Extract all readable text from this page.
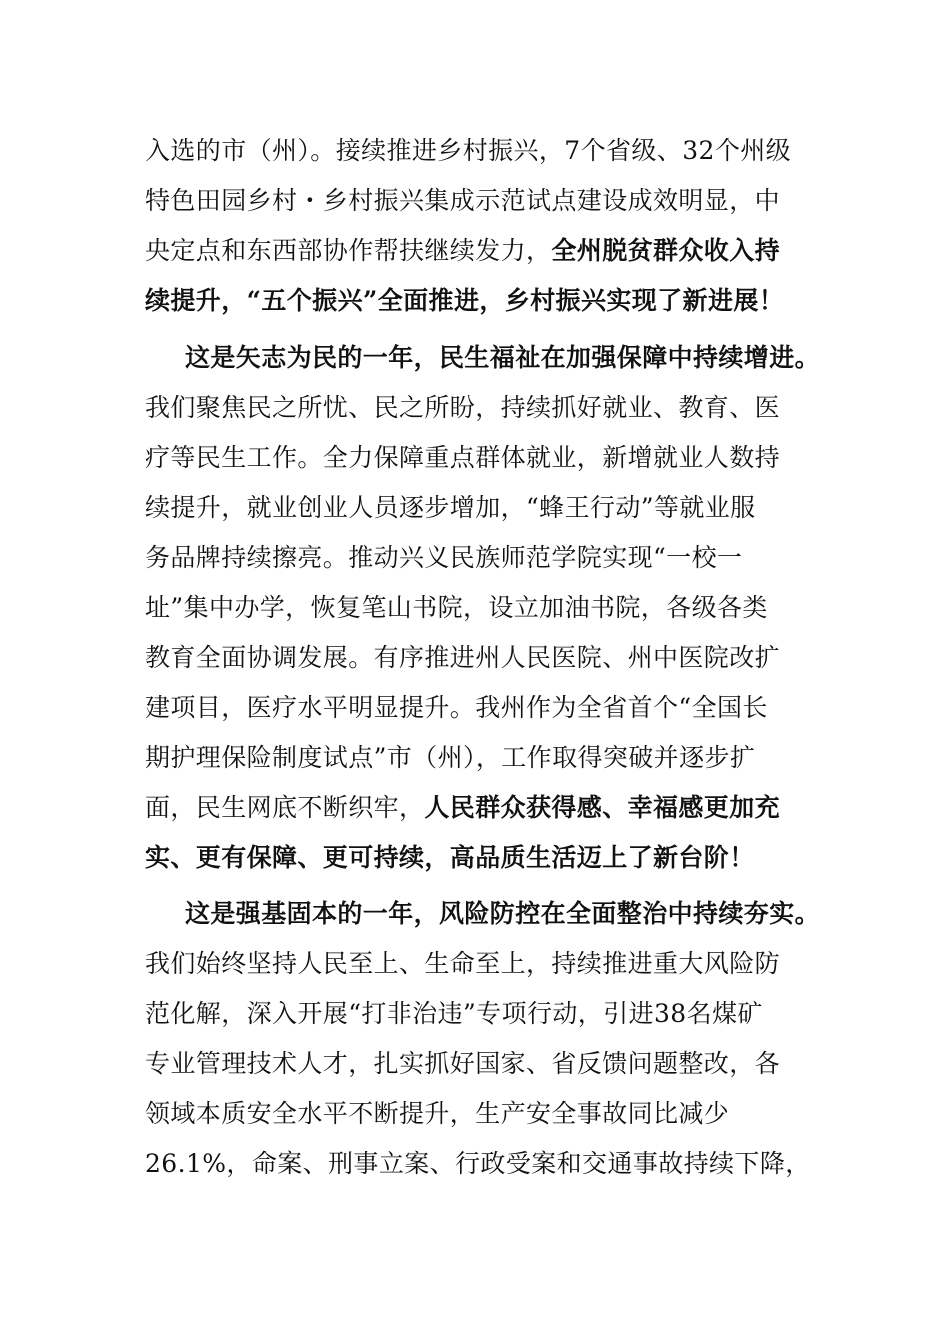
入选的市（州）。接续推进乡村振兴，7个省级、32个州级
特色田园乡村・乡村振兴集成示范试点建设成效明显，中
央定点和东西部协作帮扶继续发力，全州脱贫群众收入持
续提升，“五个振兴”全面推进，乡村振兴实现了新进展！
这是矢志为民的一年，民生福祉在加强保障中持续增进。
我们聚焦民之所忧、民之所盼，持续抓好就业、教育、医
疗等民生工作。全力保障重点群体就业，新增就业人数持
续提升，就业创业人员逐步增加，“蜂王行动”等就业服
务品牌持续擦亮。推动兴义民族师范学院实现“一校一
址”集中办学，恢复笔山书院，设立加油书院，各级各类
教育全面协调发展。有序推进州人民医院、州中医院改扩
建项目，医疗水平明显提升。我州作为全省首个“全国长
期护理保险制度试点”市（州），工作取得突破并逐步扩
面，民生网底不断织牢，人民群众获得感、幸福感更加充
实、更有保障、更可持续，高品质生活迈上了新台阶！
这是强基固本的一年，风险防控在全面整治中持续夯实。
我们始终坚持人民至上、生命至上，持续推进重大风险防
范化解，深入开展“打非治违”专项行动，引进38名煤矿
专业管理技术人才，扎实抓好国家、省反馈问题整改，各
领域本质安全水平不断提升，生产安全事故同比减少
26.1%，命案、刑事立案、行政受案和交通事故持续下降，
